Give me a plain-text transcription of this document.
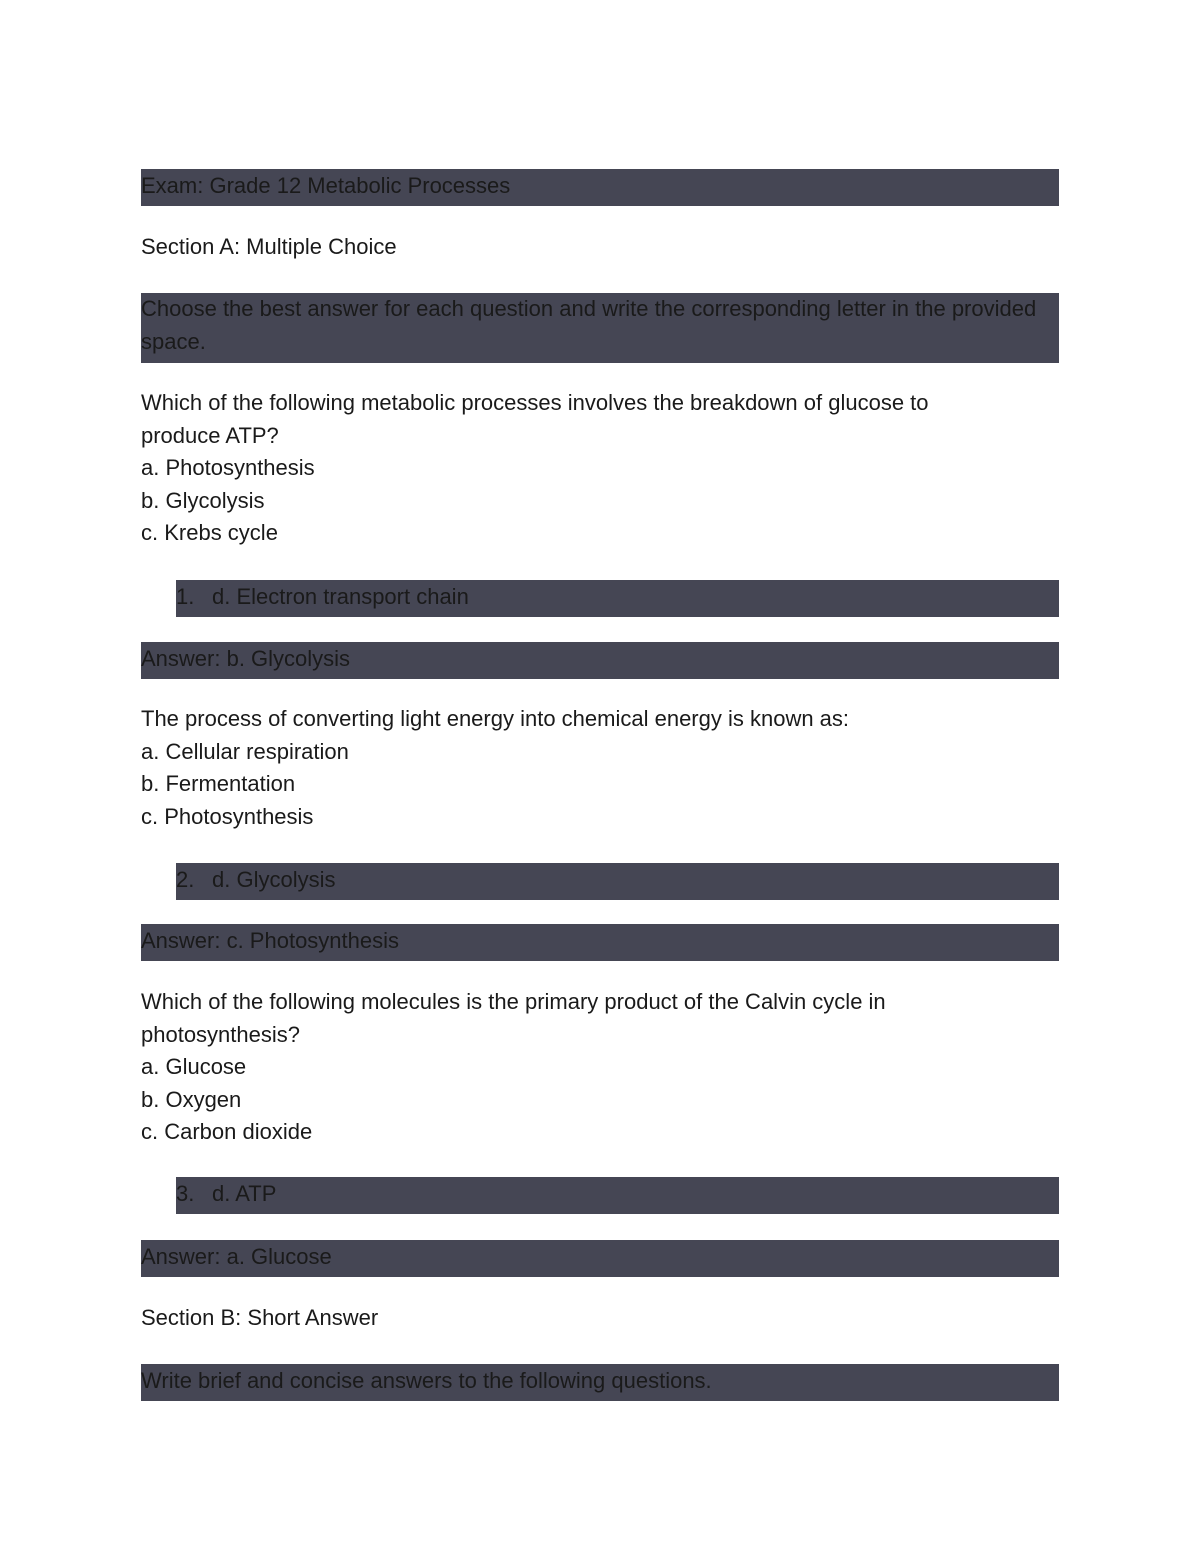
Exam: Grade 12 Metabolic Processes
Section A: Multiple Choice
Choose the best answer for each question and write the corresponding letter in the provided space.
Which of the following metabolic processes involves the breakdown of glucose to
produce ATP?
a. Photosynthesis
b. Glycolysis
c. Krebs cycle
1. d. Electron transport chain
Answer: b. Glycolysis
The process of converting light energy into chemical energy is known as:
a. Cellular respiration
b. Fermentation
c. Photosynthesis
2. d. Glycolysis
Answer: c. Photosynthesis
Which of the following molecules is the primary product of the Calvin cycle in
photosynthesis?
a. Glucose
b. Oxygen
c. Carbon dioxide
3. d. ATP
Answer: a. Glucose
Section B: Short Answer
Write brief and concise answers to the following questions.
